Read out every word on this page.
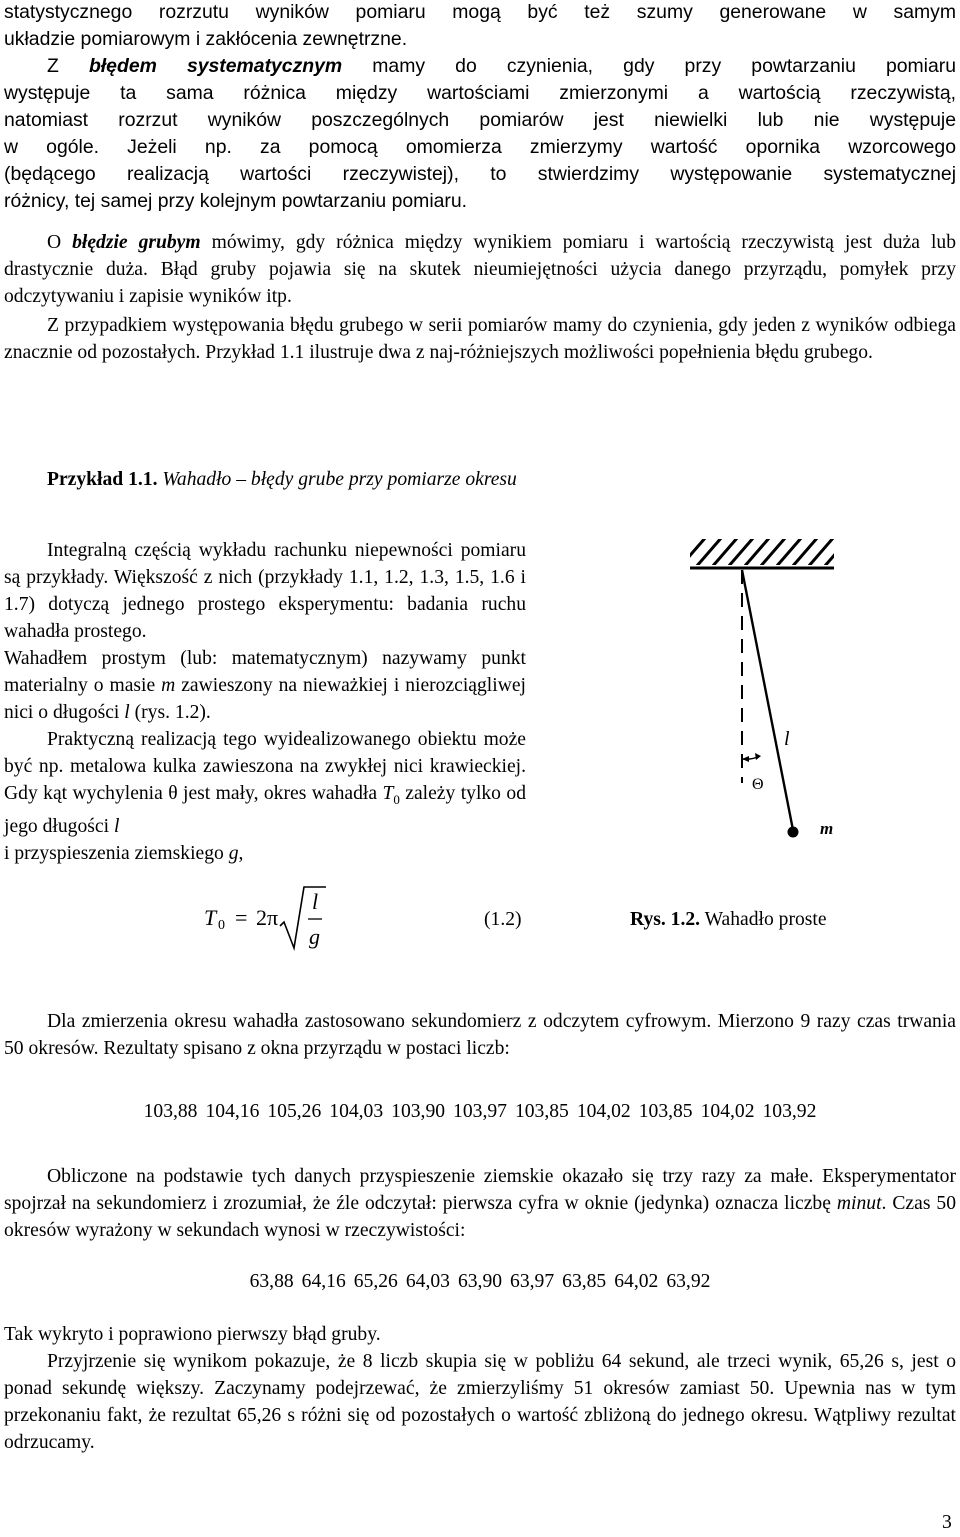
statystycznego rozrzutu wyników pomiaru mogą być też szumy generowane w samym

układzie pomiarowym i zakłócenia zewnętrzne.

Z błędem systematycznym mamy do czynienia, gdy przy powtarzaniu pomiaru

występuje ta sama różnica między wartościami zmierzonymi a wartością rzeczywistą,

natomiast rozrzut wyników poszczególnych pomiarów jest niewielki lub nie występuje

w ogóle. Jeżeli np. za pomocą omomierza zmierzymy wartość opornika wzorcowego

(będącego realizacją wartości rzeczywistej), to stwierdzimy występowanie systematycznej

różnicy, tej samej przy kolejnym powtarzaniu pomiaru.

O błędzie grubym mówimy, gdy różnica między wynikiem pomiaru i wartością rzeczywistą jest duża lub drastycznie duża. Błąd gruby pojawia się na skutek nieumiejętności użycia danego przyrządu, pomyłek przy odczytywaniu i zapisie wyników itp.

Z przypadkiem występowania błędu grubego w serii pomiarów mamy do czynienia, gdy jeden z wyników odbiega znacznie od pozostałych. Przykład 1.1 ilustruje dwa z naj-różniejszych możliwości popełnienia błędu grubego.

Przykład 1.1. Wahadło – błędy grube przy pomiarze okresu

Integralną częścią wykładu rachunku niepewności pomiaru są przykłady. Większość z nich (przykłady 1.1, 1.2, 1.3, 1.5, 1.6 i 1.7) dotyczą jednego prostego eksperymentu: badania ruchu wahadła prostego.

Wahadłem prostym (lub: matematycznym) nazywamy punkt materialny o masie m zawieszony na nieważkiej i nierozciągliwej nici o długości l (rys. 1.2).

Praktyczną realizacją tego wyidealizowanego obiektu może być np. metalowa kulka zawieszona na zwykłej nici krawieckiej. Gdy kąt wychylenia θ jest mały, okres wahadła $T_0$ zależy tylko od jego długości l
i przyspieszenia ziemskiego g,

l
Θ
m
T 0 = 2π
l
g
(1.2)	Rys. 1.2. Wahadło proste

Dla zmierzenia okresu wahadła zastosowano sekundomierz z odczytem cyfrowym. Mierzono 9 razy czas trwania 50 okresów. Rezultaty spisano z okna przyrządu w postaci liczb:

103,88 104,16 105,26 104,03 103,90 103,97 103,85 104,02 103,85 104,02 103,92

Obliczone na podstawie tych danych przyspieszenie ziemskie okazało się trzy razy za małe. Eksperymentator spojrzał na sekundomierz i zrozumiał, że źle odczytał: pierwsza cyfra w oknie (jedynka) oznacza liczbę minut. Czas 50 okresów wyrażony w sekundach wynosi w rzeczywistości:

63,88 64,16 65,26 64,03 63,90 63,97 63,85 64,02 63,92

Tak wykryto i poprawiono pierwszy błąd gruby.

Przyjrzenie się wynikom pokazuje, że 8 liczb skupia się w pobliżu 64 sekund, ale trzeci wynik, 65,26 s, jest o ponad sekundę większy. Zaczynamy podejrzewać, że zmierzyliśmy 51 okresów zamiast 50. Upewnia nas w tym przekonaniu fakt, że rezultat 65,26 s różni się od pozostałych o wartość zbliżoną do jednego okresu. Wątpliwy rezultat odrzucamy.

3
